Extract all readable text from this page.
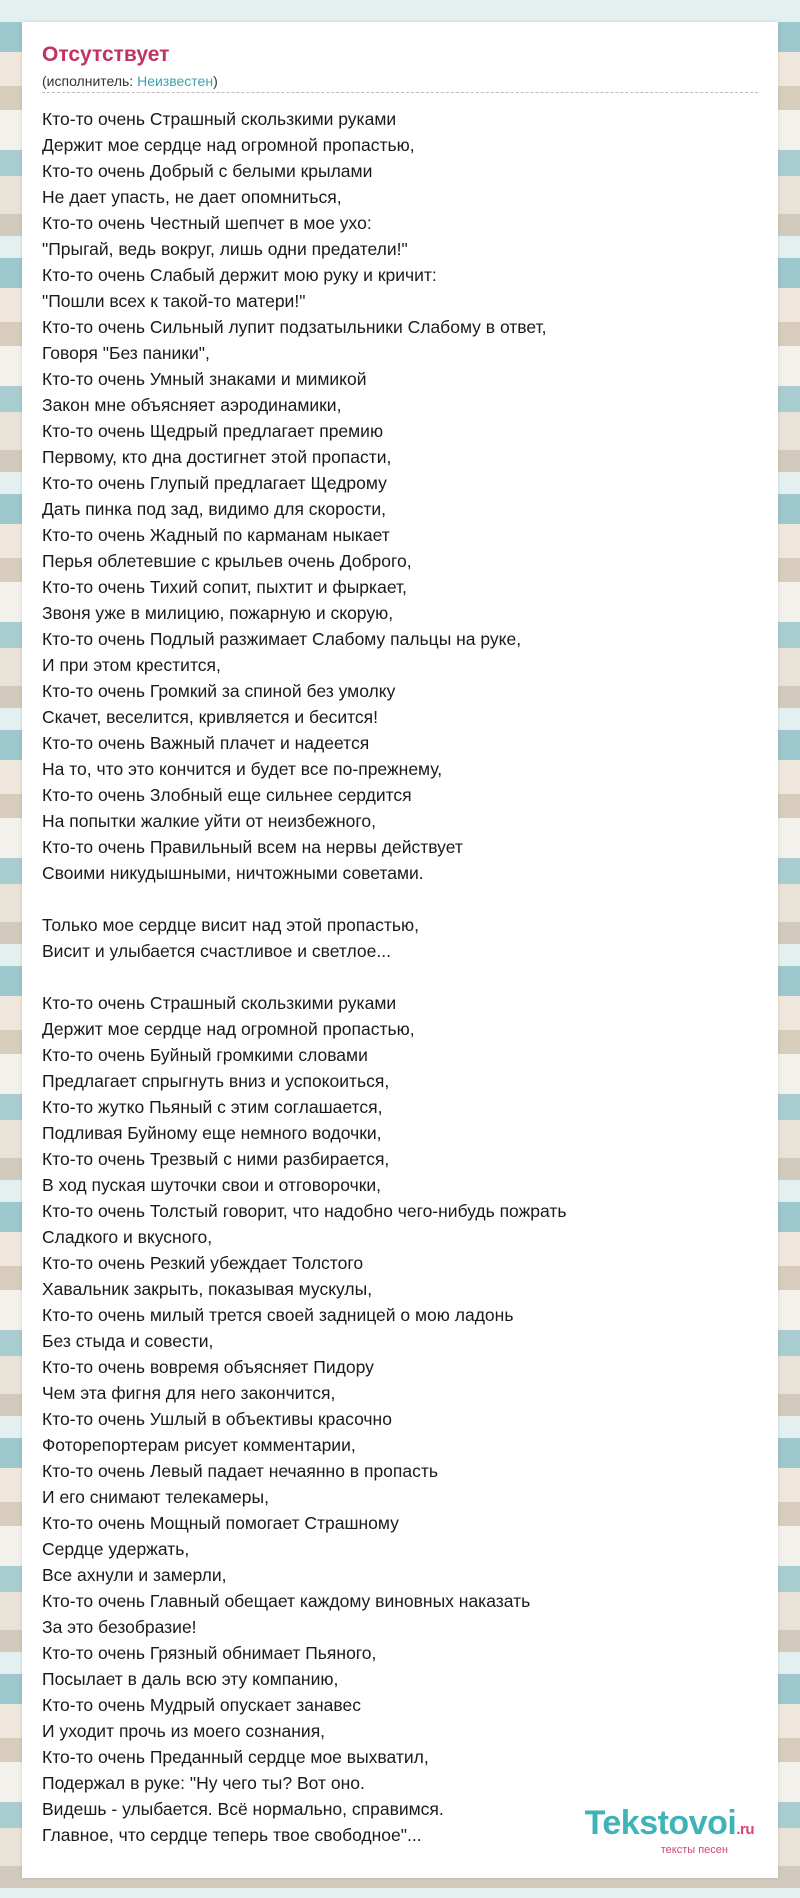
Отсутствует
(исполнитель: Неизвестен)
Кто-то очень Страшный скользкими руками
Держит мое сердце над огромной пропастью,
Кто-то очень Добрый с белыми крылами
Не дает упасть, не дает опомниться,
Кто-то очень Честный шепчет в мое ухо:
"Прыгай, ведь вокруг, лишь одни предатели!"
Кто-то очень Слабый держит мою руку и кричит:
"Пошли всех к такой-то матери!"
Кто-то очень Сильный лупит подзатыльники Слабому в ответ,
Говоря "Без паники",
Кто-то очень Умный знаками и мимикой
Закон мне объясняет аэродинамики,
Кто-то очень Щедрый предлагает премию
Первому, кто дна достигнет этой пропасти,
Кто-то очень Глупый предлагает Щедрому
Дать пинка под зад, видимо для скорости,
Кто-то очень Жадный по карманам ныкает
Перья облетевшие с крыльев очень Доброго,
Кто-то очень Тихий сопит, пыхтит и фыркает,
Звоня уже в милицию, пожарную и скорую,
Кто-то очень Подлый разжимает Слабому пальцы на руке,
И при этом крестится,
Кто-то очень Громкий за спиной без умолку
Скачет, веселится, кривляется и бесится!
Кто-то очень Важный плачет и надеется
На то, что это кончится и будет все по-прежнему,
Кто-то очень Злобный еще сильнее сердится
На попытки жалкие уйти от неизбежного,
Кто-то очень Правильный всем на нервы действует
Своими никудышными, ничтожными советами.
Только мое сердце висит над этой пропастью,
Висит и улыбается счастливое и светлое...
Кто-то очень Страшный скользкими руками
Держит мое сердце над огромной пропастью,
Кто-то очень Буйный громкими словами
Предлагает спрыгнуть вниз и успокоиться,
Кто-то жутко Пьяный с этим соглашается,
Подливая Буйному еще немного водочки,
Кто-то очень Трезвый с ними разбирается,
В ход пуская шуточки свои и отговорочки,
Кто-то очень Толстый говорит, что надобно чего-нибудь пожрать
Сладкого и вкусного,
Кто-то очень Резкий убеждает Толстого
Хавальник закрыть, показывая мускулы,
Кто-то очень милый трется своей задницей о мою ладонь
Без стыда и совести,
Кто-то очень вовремя объясняет Пидору
Чем эта фигня для него закончится,
Кто-то очень Ушлый в объективы красочно
Фоторепортерам рисует комментарии,
Кто-то очень Левый падает нечаянно в пропасть
И его снимают телекамеры,
Кто-то очень Мощный помогает Страшному
Сердце удержать,
Все ахнули и замерли,
Кто-то очень Главный обещает каждому виновных наказать
За это безобразие!
Кто-то очень Грязный обнимает Пьяного,
Посылает в даль всю эту компанию,
Кто-то очень Мудрый опускает занавес
И уходит прочь из моего сознания,
Кто-то очень Преданный сердце мое выхватил,
Подержал в руке: "Ну чего ты? Вот оно.
Видешь - улыбается. Всё нормально, справимся.
Главное, что сердце теперь твое свободное"...	Tekstovoi.ru
тексты песен
